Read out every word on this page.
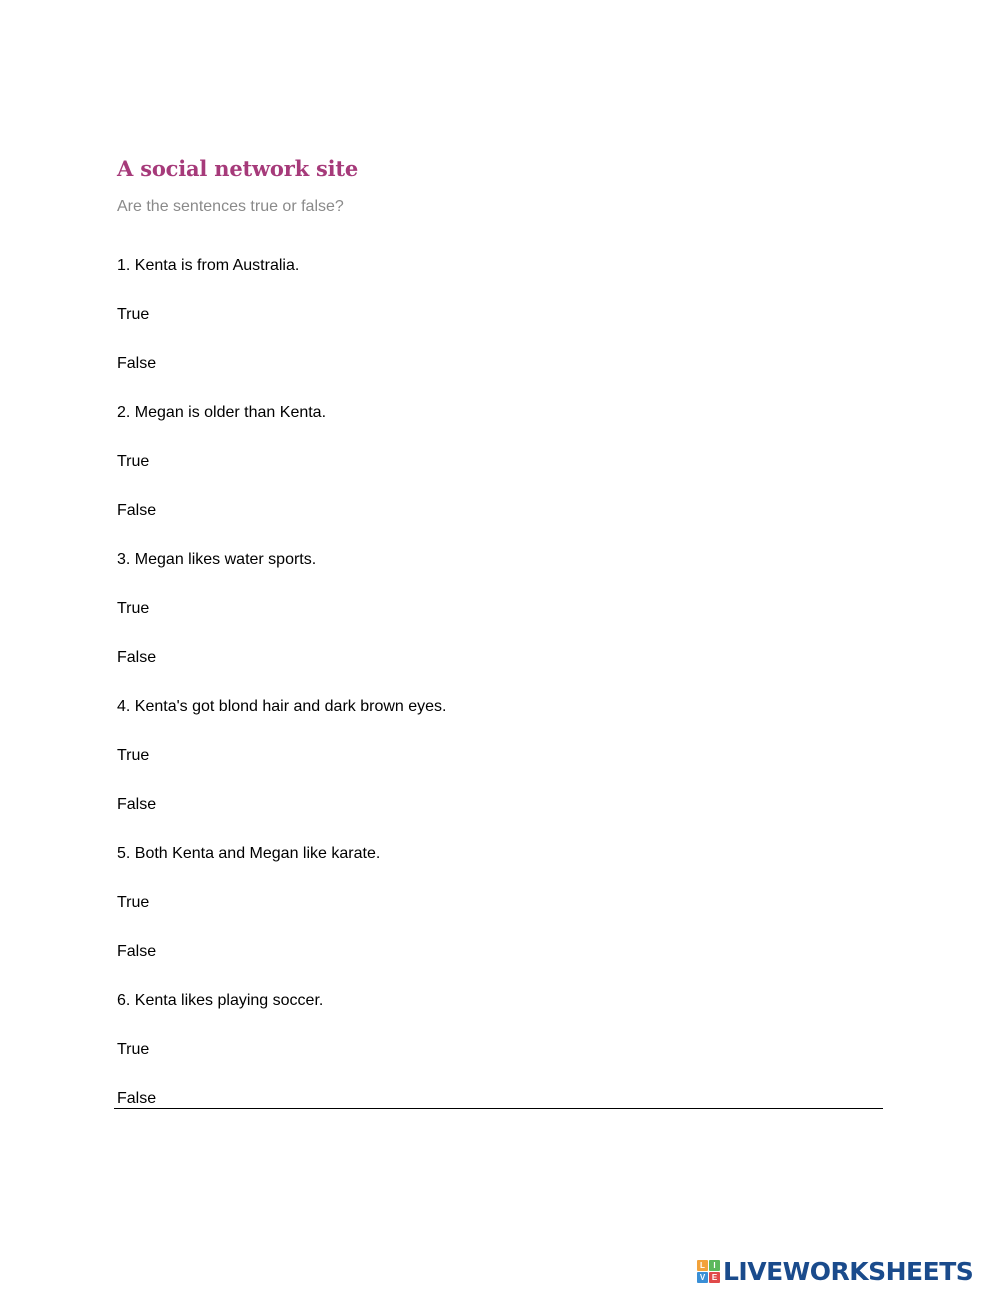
A social network site
Are the sentences true or false?
1. Kenta is from Australia.
True
False
2. Megan is older than Kenta.
True
False
3. Megan likes water sports.
True
False
4. Kenta's got blond hair and dark brown eyes.
True
False
5. Both Kenta and Megan like karate.
True
False
6. Kenta likes playing soccer.
True
False
L	I
V E LIVEWORKSHEETS
